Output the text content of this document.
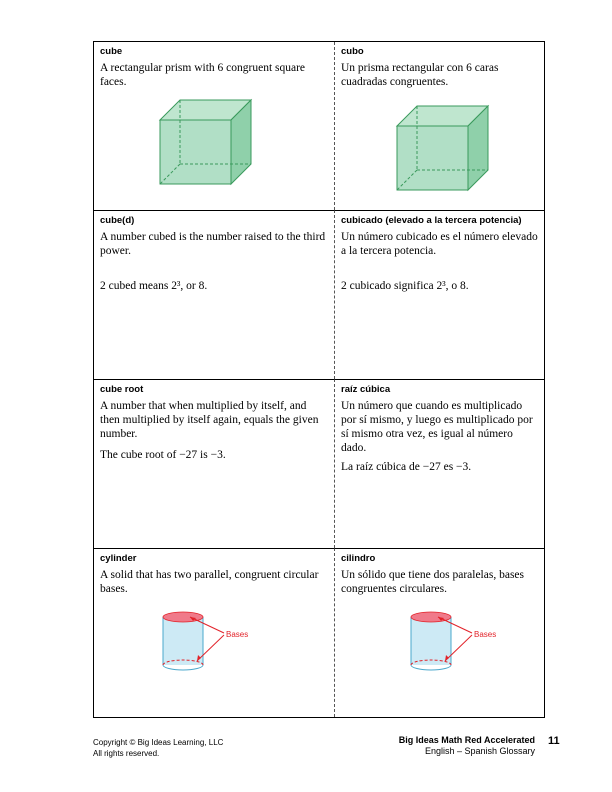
cube
A rectangular prism with 6 congruent square faces.
cubo
Un prisma rectangular con 6 caras cuadradas congruentes.
cube(d)
A number cubed is the number raised to the third power.
2 cubed means 2³, or 8.
cubicado (elevado a la tercera potencia)
Un número cubicado es el número elevado a la tercera potencia.
2 cubicado significa 2³, o 8.
cube root
A number that when multiplied by itself, and then multiplied by itself again, equals the given number.
The cube root of −27 is −3.
raíz cúbica
Un número que cuando es multiplicado por sí mismo, y luego es multiplicado por sí mismo otra vez, es igual al número dado.
La raíz cúbica de −27 es −3.
cylinder
A solid that has two parallel, congruent circular bases.
Bases
cilindro
Un sólido que tiene dos paralelas, bases congruentes circulares.
Bases
Copyright © Big Ideas Learning, LLC
All rights reserved.
Big Ideas Math Red Accelerated
English – Spanish Glossary
11
